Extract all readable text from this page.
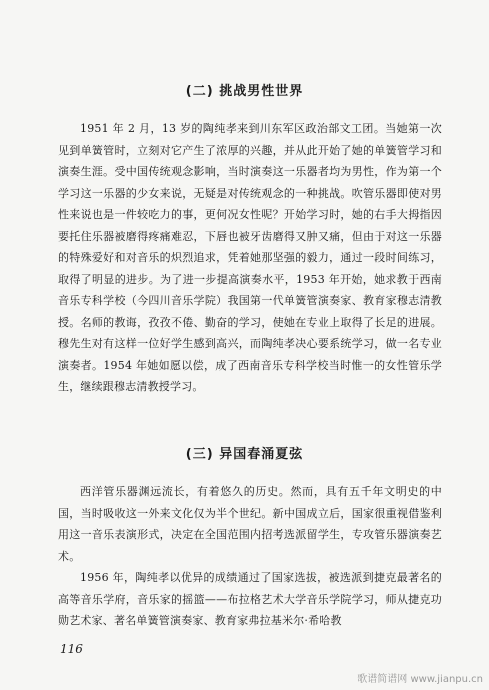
(二) 挑战男性世界

1951 年 2 月，13 岁的陶纯孝来到川东军区政治部文工团。当她第一次见到单簧管时，立刻对它产生了浓厚的兴趣，并从此开始了她的单簧管学习和演奏生涯。受中国传统观念影响，当时演奏这一乐器者均为男性，作为第一个学习这一乐器的少女来说，无疑是对传统观念的一种挑战。吹管乐器即使对男性来说也是一件较吃力的事，更何况女性呢？开始学习时，她的右手大拇指因要托住乐器被磨得疼痛难忍，下唇也被牙齿磨得又肿又痛，但由于对这一乐器的特殊爱好和对音乐的炽烈追求，凭着她那坚强的毅力，通过一段时间练习，取得了明显的进步。为了进一步提高演奏水平，1953 年开始，她求教于西南音乐专科学校（今四川音乐学院）我国第一代单簧管演奏家、教育家穆志清教授。名师的教诲，孜孜不倦、勤奋的学习，使她在专业上取得了长足的进展。穆先生对有这样一位好学生感到高兴，而陶纯孝决心要系统学习，做一名专业演奏者。1954 年她如愿以偿，成了西南音乐专科学校当时惟一的女性管乐学生，继续跟穆志清教授学习。

(三) 异国春涌夏弦

西洋管乐器渊远流长，有着悠久的历史。然而，具有五千年文明史的中国，当时吸收这一外来文化仅为半个世纪。新中国成立后，国家很重视借鉴利用这一音乐表演形式，决定在全国范围内招考选派留学生，专攻管乐器演奏艺术。

1956 年，陶纯孝以优异的成绩通过了国家选拔，被选派到捷克最著名的高等音乐学府，音乐家的摇篮——布拉格艺术大学音乐学院学习，师从捷克功勋艺术家、著名单簧管演奏家、教育家弗拉基米尔·希哈教

116
歌谱简谱网 www.jianpu.cn
